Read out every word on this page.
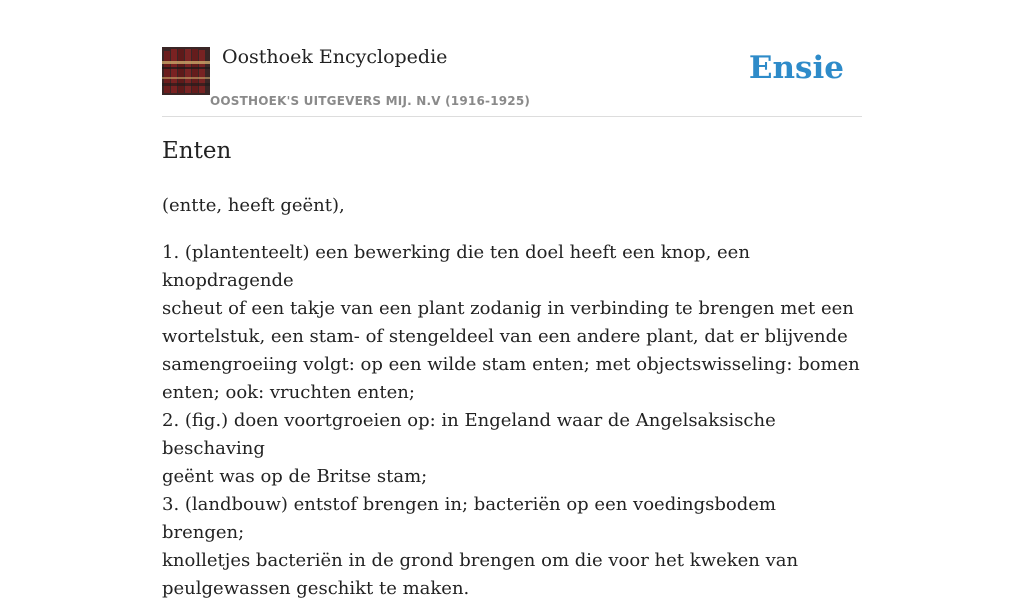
Oosthoek Encyclopedie
OOSTHOEK'S UITGEVERS MIJ. N.V (1916-1925)
Ensie
Enten

(entte, heeft geënt),

1. (plantenteelt) een bewerking die ten doel heeft een knop, een knopdragende
scheut of een takje van een plant zodanig in verbinding te brengen met een
wortelstuk, een stam- of stengeldeel van een andere plant, dat er blijvende
samengroeiing volgt: op een wilde stam enten; met objectswisseling: bomen
enten; ook: vruchten enten;
2. (fig.) doen voortgroeien op: in Engeland waar de Angelsaksische beschaving
geënt was op de Britse stam;
3. (landbouw) entstof brengen in; bacteriën op een voedingsbodem brengen;
knolletjes bacteriën in de grond brengen om die voor het kweken van
peulgewassen geschikt te maken.
